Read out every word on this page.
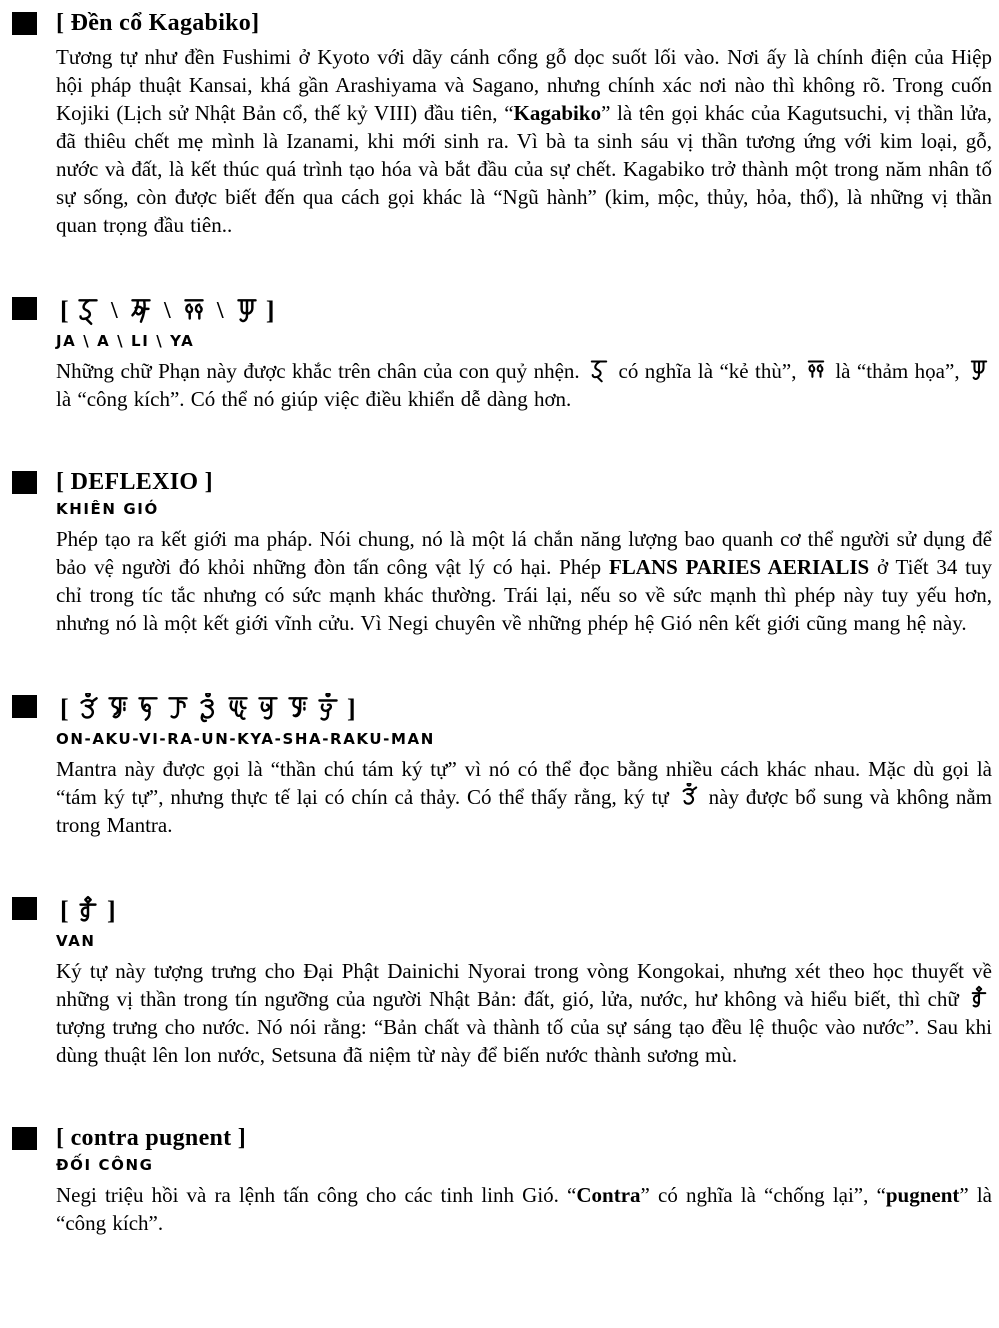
[ Đền cổ Kagabiko]
Tương tự như đền Fushimi ở Kyoto với dãy cánh cổng gỗ dọc suốt lối vào. Nơi ấy là chính điện của Hiệp hội pháp thuật Kansai, khá gần Arashiyama và Sagano, nhưng chính xác nơi nào thì không rõ. Trong cuốn Kojiki (Lịch sử Nhật Bản cổ, thế kỷ VIII) đầu tiên, “Kagabiko” là tên gọi khác của Kagutsuchi, vị thần lửa, đã thiêu chết mẹ mình là Izanami, khi mới sinh ra. Vì bà ta sinh sáu vị thần tương ứng với kim loại, gỗ, nước và đất, là kết thúc quá trình tạo hóa và bắt đầu của sự chết. Kagabiko trở thành một trong năm nhân tố sự sống, còn được biết đến qua cách gọi khác là “Ngũ hành” (kim, mộc, thủy, hỏa, thổ), là những vị thần quan trọng đầu tiên..
[ \ \ \ ]
JA \ A \ LI \ YA
Những chữ Phạn này được khắc trên chân của con quỷ nhện.
có nghĩa là “kẻ thù”,
là “thảm họa”,
là “công kích”. Có thể nó giúp việc điều khiển dễ dàng hơn.
[ DEFLEXIO ]
KHIÊN GIÓ
Phép tạo ra kết giới ma pháp. Nói chung, nó là một lá chắn năng lượng bao quanh cơ thể người sử dụng để bảo vệ người đó khỏi những đòn tấn công vật lý có hại. Phép FLANS PARIES AERIALIS ở Tiết 34 tuy chỉ trong tíc tắc nhưng có sức mạnh khác thường. Trái lại, nếu so về sức mạnh thì phép này tuy yếu hơn, nhưng nó là một kết giới vĩnh cửu. Vì Negi chuyên về những phép hệ Gió nên kết giới cũng mang hệ này.
[	]
ON-AKU-VI-RA-UN-KYA-SHA-RAKU-MAN
Mantra này được gọi là “thần chú tám ký tự” vì nó có thể đọc bằng nhiều cách khác nhau. Mặc dù gọi là “tám ký tự”, nhưng thực tế lại có chín cả thảy. Có thể thấy rằng, ký tự
này được bổ sung và không nằm trong Mantra.
[ ]
VAN
Ký tự này tượng trưng cho Đại Phật Dainichi Nyorai trong vòng Kongokai, nhưng xét theo học thuyết về những vị thần trong tín ngưỡng của người Nhật Bản: đất, gió, lửa, nước, hư không và hiểu biết, thì chữ
tượng trưng cho nước. Nó nói rằng: “Bản chất và thành tố của sự sáng tạo đều lệ thuộc vào nước”. Sau khi dùng thuật lên lon nước, Setsuna đã niệm từ này để biến nước thành sương mù.
[ contra pugnent ]
ĐỐI CÔNG
Negi triệu hồi và ra lệnh tấn công cho các tinh linh Gió. “Contra” có nghĩa là “chống lại”, “pugnent” là “công kích”.
